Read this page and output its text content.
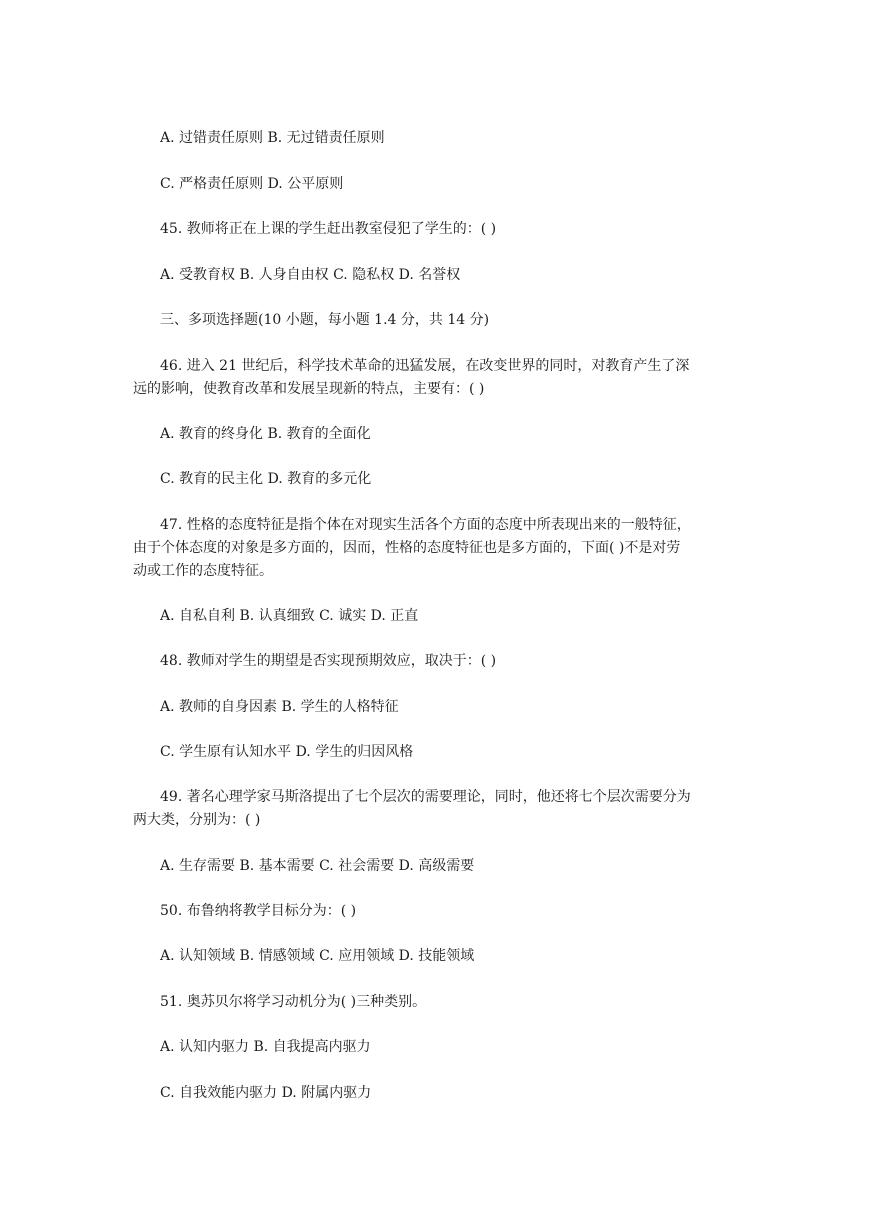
A. 过错责任原则 B. 无过错责任原则
C. 严格责任原则 D. 公平原则
45. 教师将正在上课的学生赶出教室侵犯了学生的：( )
A. 受教育权 B. 人身自由权 C. 隐私权 D. 名誉权
三、多项选择题(10 小题，每小题 1.4 分，共 14 分)
46. 进入 21 世纪后，科学技术革命的迅猛发展，在改变世界的同时，对教育产生了深
远的影响，使教育改革和发展呈现新的特点，主要有：( )
A. 教育的终身化 B. 教育的全面化
C. 教育的民主化 D. 教育的多元化
47. 性格的态度特征是指个体在对现实生活各个方面的态度中所表现出来的一般特征，
由于个体态度的对象是多方面的，因而，性格的态度特征也是多方面的，下面( )不是对劳
动或工作的态度特征。
A. 自私自利 B. 认真细致 C. 诚实 D. 正直
48. 教师对学生的期望是否实现预期效应，取决于：( )
A. 教师的自身因素 B. 学生的人格特征
C. 学生原有认知水平 D. 学生的归因风格
49. 著名心理学家马斯洛提出了七个层次的需要理论，同时，他还将七个层次需要分为
两大类，分别为：( )
A. 生存需要 B. 基本需要 C. 社会需要 D. 高级需要
50. 布鲁纳将教学目标分为：( )
A. 认知领域 B. 情感领域 C. 应用领域 D. 技能领域
51. 奥苏贝尔将学习动机分为( )三种类别。
A. 认知内驱力 B. 自我提高内驱力
C. 自我效能内驱力 D. 附属内驱力
